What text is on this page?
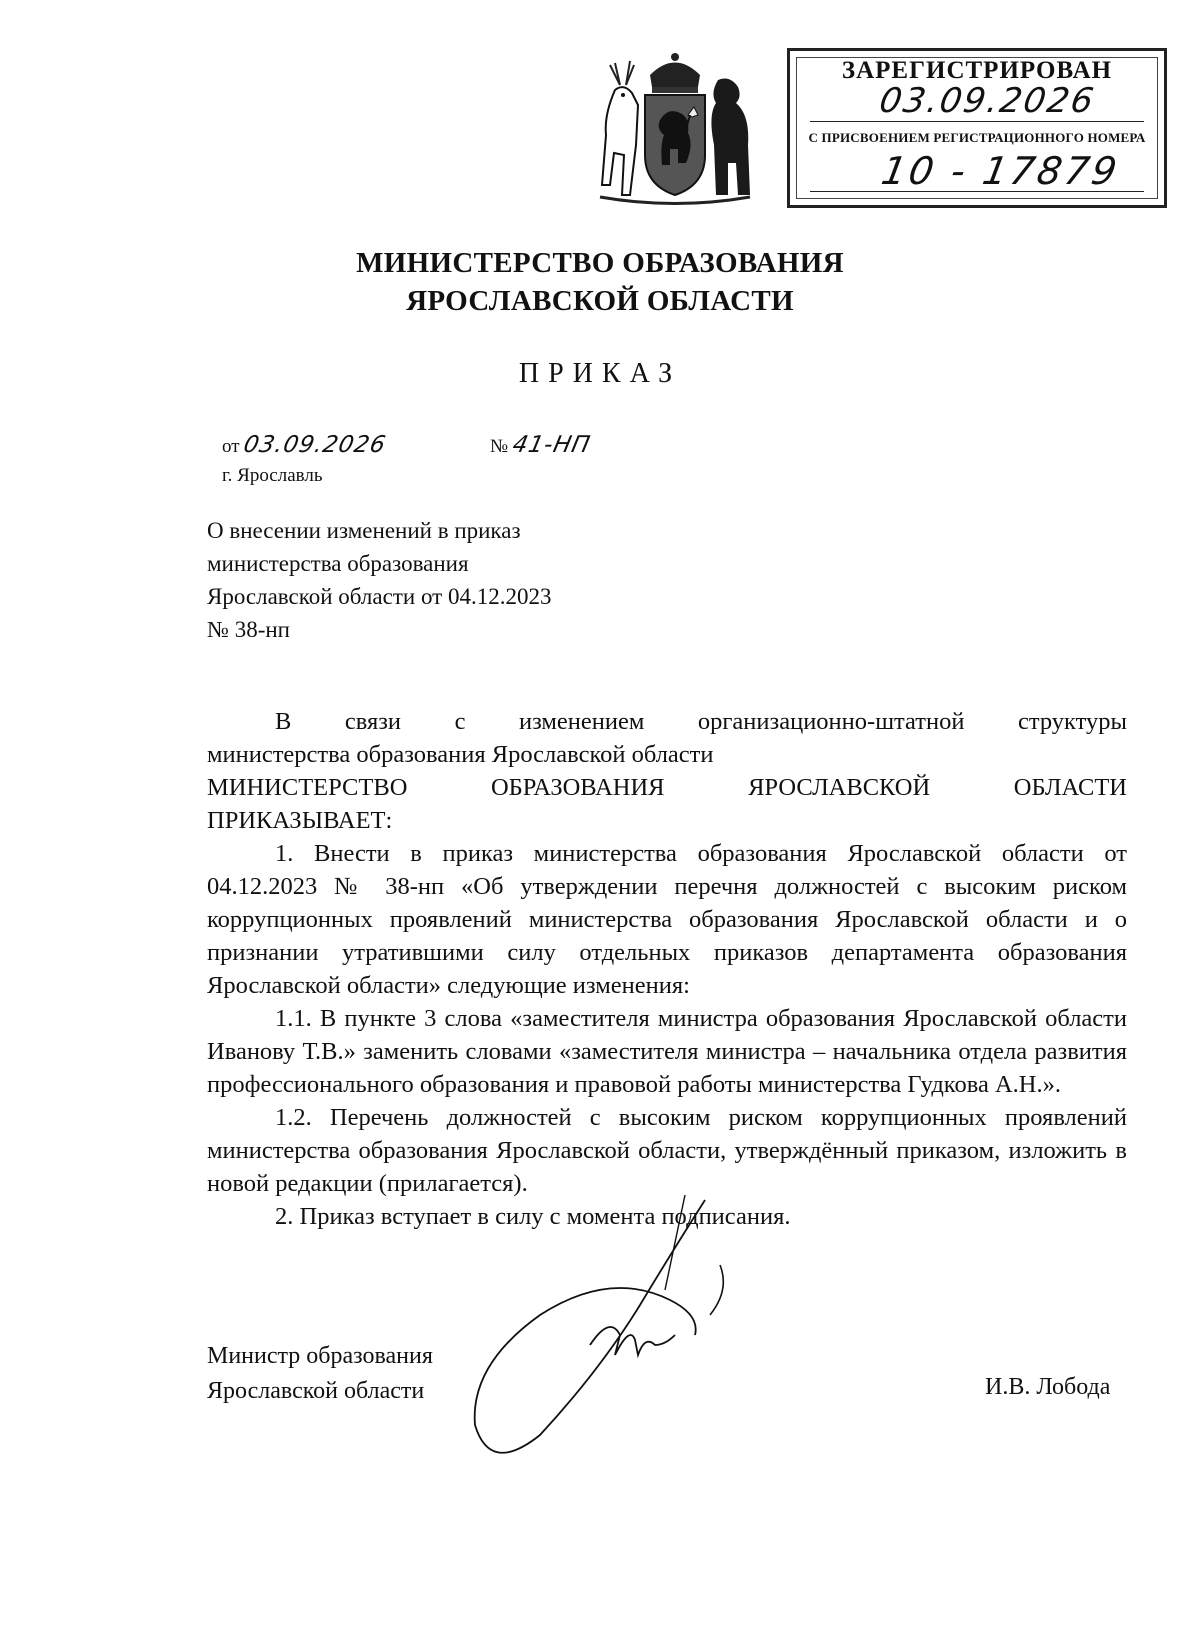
ЗАРЕГИСТРИРОВАН
03.09.2026
С ПРИСВОЕНИЕМ РЕГИСТРАЦИОННОГО НОМЕРА
10 - 17879
МИНИСТЕРСТВО ОБРАЗОВАНИЯ
ЯРОСЛАВСКОЙ ОБЛАСТИ
ПРИКАЗ
от 03.09.2026	№ 41-НП
г. Ярославль
О внесении изменений в приказ
министерства образования
Ярославской области от 04.12.2023
№ 38-нп

В связи с изменением организационно-штатной структуры

министерства образования Ярославской области

МИНИСТЕРСТВО ОБРАЗОВАНИЯ ЯРОСЛАВСКОЙ ОБЛАСТИ

ПРИКАЗЫВАЕТ:

1. Внести в приказ министерства образования Ярославской области от 04.12.2023 № 38-нп «Об утверждении перечня должностей с высоким риском коррупционных проявлений министерства образования Ярославской области и о признании утратившими силу отдельных приказов департамента образования Ярославской области» следующие изменения:

1.1. В пункте 3 слова «заместителя министра образования Ярославской области Иванову Т.В.» заменить словами «заместителя министра – начальника отдела развития профессионального образования и правовой работы министерства Гудкова А.Н.».

1.2. Перечень должностей с высоким риском коррупционных проявлений министерства образования Ярославской области, утверждённый приказом, изложить в новой редакции (прилагается).

2. Приказ вступает в силу с момента подписания.

Министр образования
Ярославской области	И.В. Лобода
